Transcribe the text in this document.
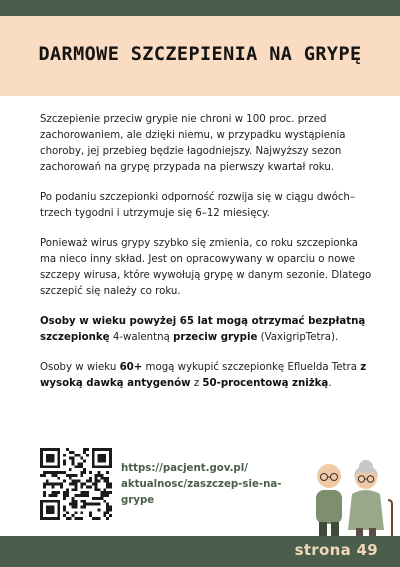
DARMOWE SZCZEPIENIA NA GRYPĘ

Szczepienie przeciw grypie nie chroni w 100 proc. przed zachorowaniem, ale dzięki niemu, w przypadku wystąpienia choroby, jej przebieg będzie łagodniejszy. Najwyższy sezon zachorowań na grypę przypada na pierwszy kwartał roku.

Po podaniu szczepionki odporność rozwija się w ciągu dwóch–trzech tygodni i utrzymuje się 6–12 miesięcy.

Ponieważ wirus grypy szybko się zmienia, co roku szczepionka ma nieco inny skład. Jest on opracowywany w oparciu o nowe szczepy wirusa, które wywołują grypę w danym sezonie. Dlatego szczepić się należy co roku.

Osoby w wieku powyżej 65 lat mogą otrzymać bezpłatną szczepionkę 4-walentną przeciw grypie (VaxigripTetra).

Osoby w wieku 60+ mogą wykupić szczepionkę Efluelda Tetra z wysoką dawką antygenów z 50-procentową zniżką.

https://pacjent.gov.pl/
aktualnosc/zaszczep-sie-na-
grype
strona 49
